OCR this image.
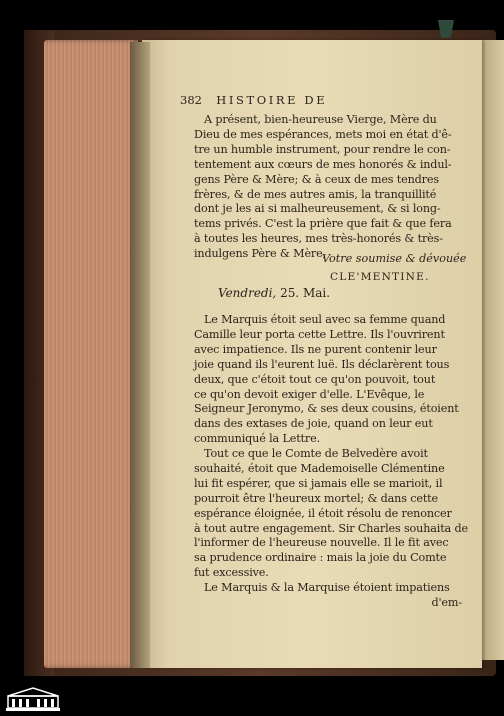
382 HISTOIRE DE
A présent, bien-heureuse Vierge, Mère du
Dieu de mes espérances, mets moi en état d'ê-
tre un humble instrument, pour rendre le con-
tentement aux cœurs de mes honorés & indul-
gens Père & Mère; & à ceux de mes tendres
frères, & de mes autres amis, la tranquillité
dont je les ai si malheureusement, & si long-
tems privés. C'est la prière que fait & que fera
à toutes les heures, mes très-honorés & très-
indulgens Père & Mère,
Votre soumise & dévouée
CLE'MENTINE.
Vendredi, 25. Mai.
Le Marquis étoit seul avec sa femme quand
Camille leur porta cette Lettre. Ils l'ouvrirent
avec impatience. Ils ne purent contenir leur
joie quand ils l'eurent luë. Ils déclarèrent tous
deux, que c'étoit tout ce qu'on pouvoit, tout
ce qu'on devoit exiger d'elle. L'Evêque, le
Seigneur Jeronymo, & ses deux cousins, étoient
dans des extases de joie, quand on leur eut
communiqué la Lettre.
Tout ce que le Comte de Belvedère avoit
souhaité, étoit que Mademoiselle Clémentine
lui fit espérer, que si jamais elle se marioit, il
pourroit être l'heureux mortel; & dans cette
espérance éloignée, il étoit résolu de renoncer
à tout autre engagement. Sir Charles souhaita de
l'informer de l'heureuse nouvelle. Il le fit avec
sa prudence ordinaire : mais la joie du Comte
fut excessive.
Le Marquis & la Marquise étoient impatiens
d'em-
